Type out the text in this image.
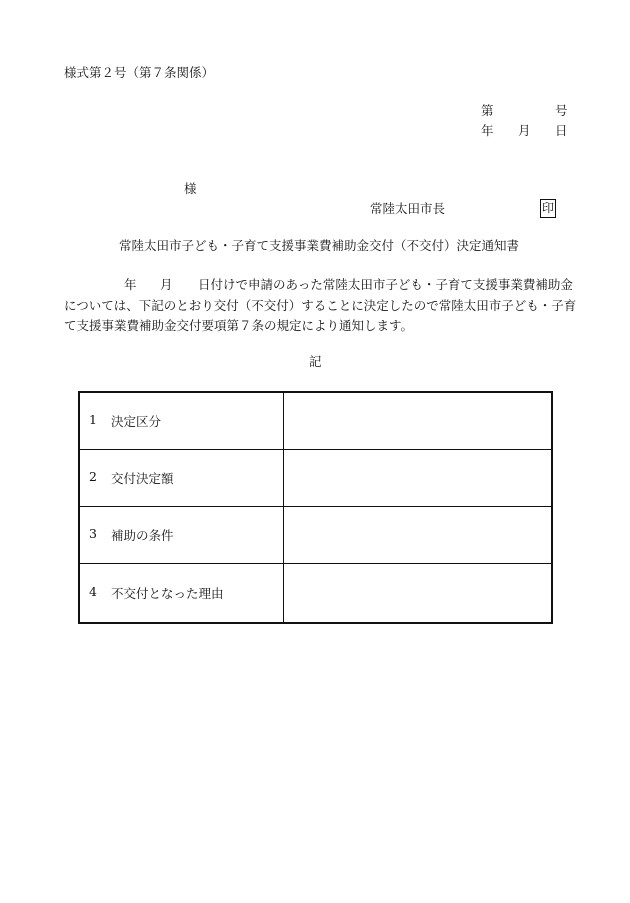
様式第２号（第７条関係）
第	号
年 月 日
様
常陸太田市長	印
常陸太田市子ども・子育て支援事業費補助金交付（不交付）決定通知書
年 月 日付けで申請のあった常陸太田市子ども・子育て支援事業費補助金
については、下記のとおり交付（不交付）することに決定したので常陸太田市子ども・子育
て支援事業費補助金交付要項第７条の規定により通知します。
記
1 決定区分	

2 交付決定額	

3 補助の条件	

4 不交付となった理由	
